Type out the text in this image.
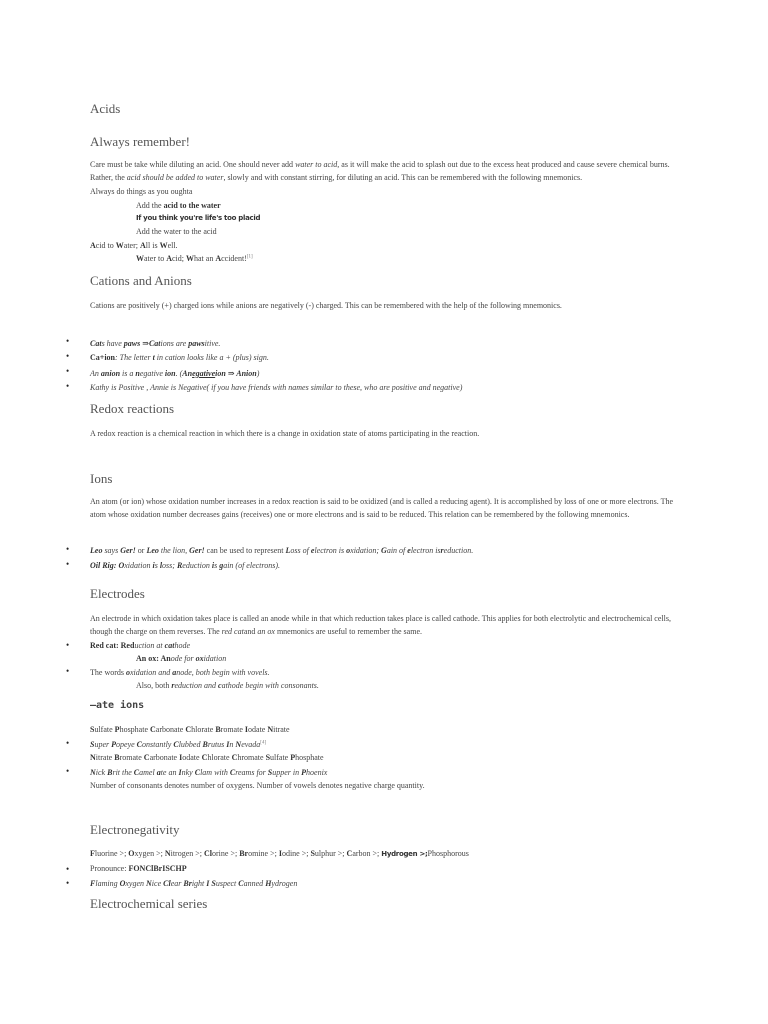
Acids
Always remember!

Care must be take while diluting an acid. One should never add water to acid, as it will make the acid to splash out due to the excess heat produced and cause severe chemical burns. Rather, the acid should be added to water, slowly and with constant stirring, for diluting an acid. This can be remembered with the following mnemonics.

Always do things as you oughta
Add the acid to the water
If you think you're life's too placid
Add the water to the acid
Acid to Water; All is Well.
Water to Acid; What an Accident![1]
Cations and Anions
Cations are positively (+) charged ions while anions are negatively (-) charged. This can be remembered with the help of the following mnemonics.
•	Cats have paws ⇒Cations are pawsitive.
•	Ca+ion: The letter t in cation looks like a + (plus) sign.
•	An anion is a negative ion. (Anegativeion ⇒ Anion)
•	Kathy is Positive , Annie is Negative( if you have friends with names similar to these, who are positive and negative)
Redox reactions
A redox reaction is a chemical reaction in which there is a change in oxidation state of atoms participating in the reaction.
Ions
An atom (or ion) whose oxidation number increases in a redox reaction is said to be oxidized (and is called a reducing agent). It is accomplished by loss of one or more electrons. The atom whose oxidation number decreases gains (receives) one or more electrons and is said to be reduced. This relation can be remembered by the following mnemonics.
•	Leo says Ger! or Leo the lion, Ger! can be used to represent Loss of electron is oxidation; Gain of electron isreduction.
•	Oil Rig: Oxidation is loss; Reduction is gain (of electrons).
Electrodes

An electrode in which oxidation takes place is called an anode while in that which reduction takes place is called cathode. This applies for both electrolytic and electrochemical cells, though the charge on them reverses. The red catand an ox mnemonics are useful to remember the same.

•	Red cat: Reduction at cathode
An ox: Anode for oxidation
•	The words oxidation and anode, both begin with vovels.
Also, both reduction and cathode begin with consonants.
–ate ions
Sulfate Phosphate Carbonate Chlorate Bromate Iodate Nitrate
•	Super Popeye Constantly Clubbed Brutus In Nevada[4]
Nitrate Bromate Carbonate Iodate Chlorate Chromate Sulfate Phosphate
•	Nick Brit the Camel ate an Inky Clam with Creams for Supper in Phoenix
Number of consonants denotes number of oxygens. Number of vowels denotes negative charge quantity.
Electronegativity
Fluorine >; Oxygen >; Nitrogen >; Clorine >; Bromine >; Iodine >; Sulphur >; Carbon >; Hydrogen >;Phosphorous
•	Pronounce: FONClBrISCHP
•	Flaming Oxygen Nice Clear Bright I Suspect Canned Hydrogen
Electrochemical series
